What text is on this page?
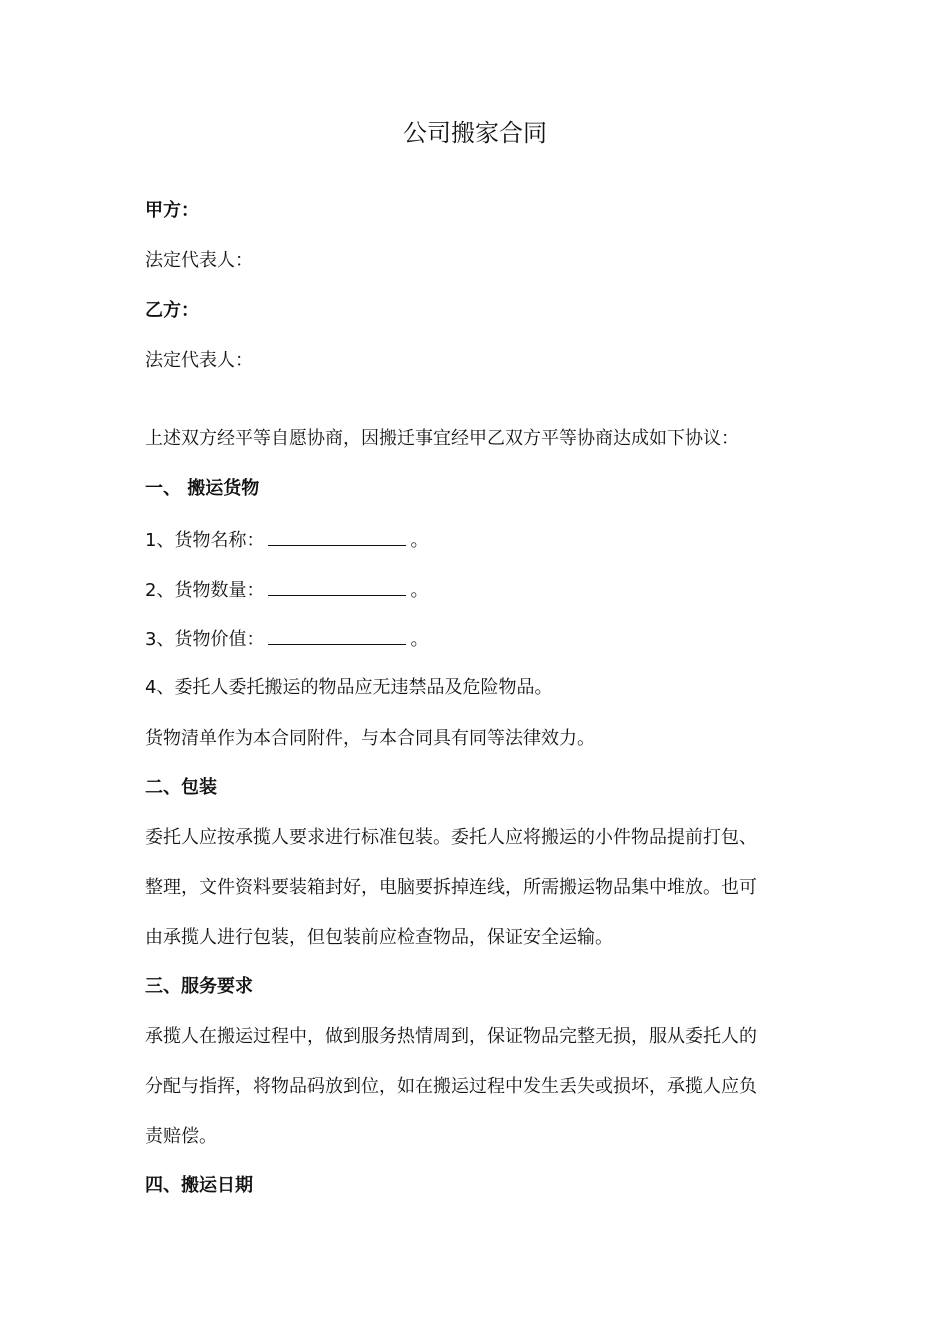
公司搬家合同
甲方：
法定代表人：
乙方：
法定代表人：
上述双方经平等自愿协商，因搬迁事宜经甲乙双方平等协商达成如下协议：
一、 搬运货物
1、货物名称：	。
2、货物数量：	。
3、货物价值：	。
4、委托人委托搬运的物品应无违禁品及危险物品。
货物清单作为本合同附件，与本合同具有同等法律效力。
二、包装
委托人应按承揽人要求进行标准包装。委托人应将搬运的小件物品提前打包、
整理，文件资料要装箱封好，电脑要拆掉连线，所需搬运物品集中堆放。也可
由承揽人进行包装，但包装前应检查物品，保证安全运输。
三、服务要求
承揽人在搬运过程中，做到服务热情周到，保证物品完整无损，服从委托人的
分配与指挥，将物品码放到位，如在搬运过程中发生丢失或损坏，承揽人应负
责赔偿。
四、搬运日期
